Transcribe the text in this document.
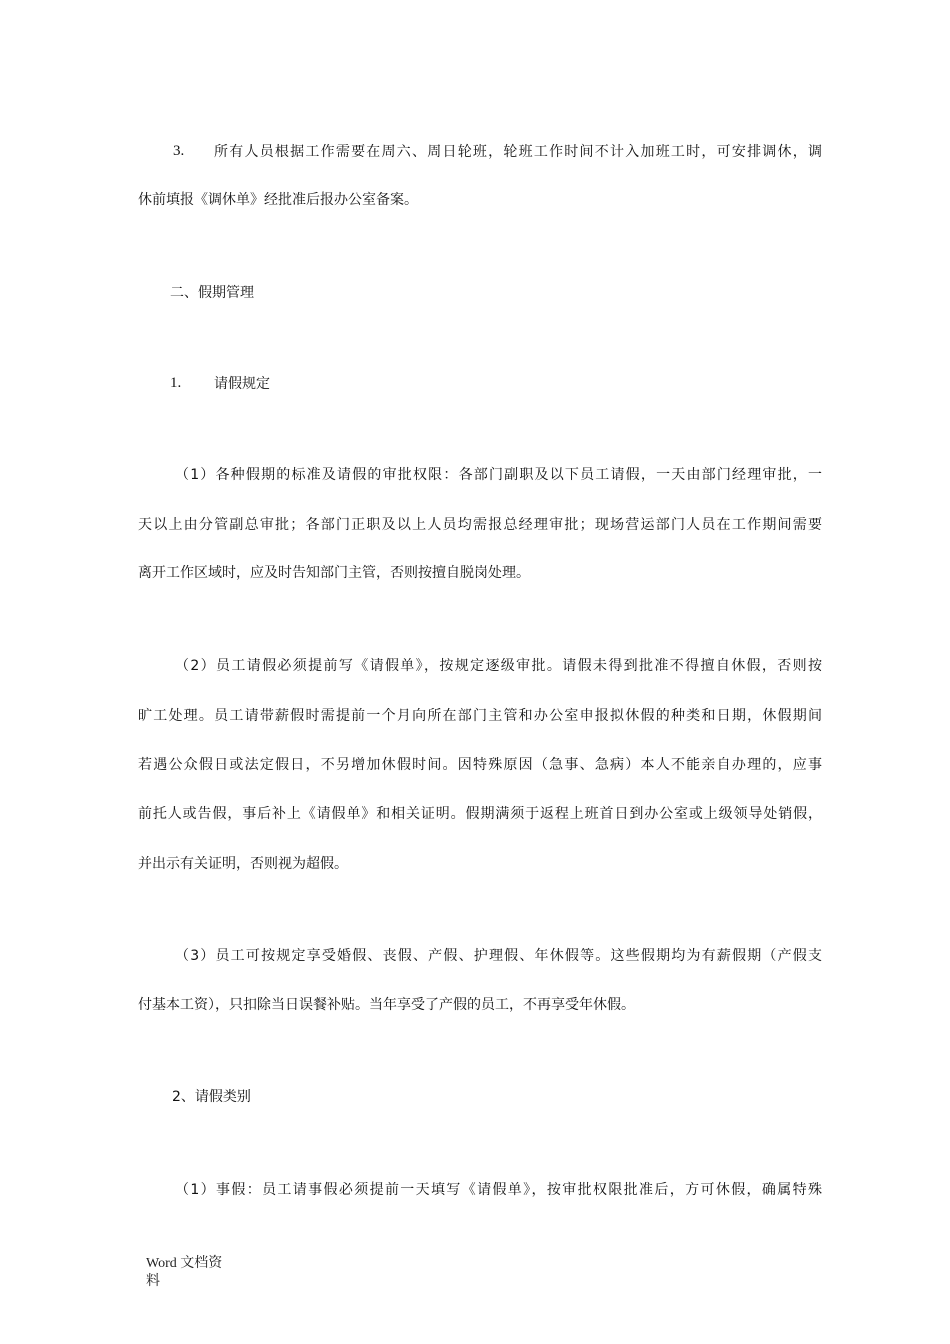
3. 所有人员根据工作需要在周六、周日轮班，轮班工作时间不计入加班工时，可安排调休，调

休前填报《调休单》经批准后报办公室备案。

二、假期管理

1. 请假规定

（1）各种假期的标准及请假的审批权限：各部门副职及以下员工请假，一天由部门经理审批，一

天以上由分管副总审批；各部门正职及以上人员均需报总经理审批；现场营运部门人员在工作期间需要

离开工作区域时，应及时告知部门主管，否则按擅自脱岗处理。

（2）员工请假必须提前写《请假单》，按规定逐级审批。请假未得到批准不得擅自休假，否则按

旷工处理。员工请带薪假时需提前一个月向所在部门主管和办公室申报拟休假的种类和日期，休假期间

若遇公众假日或法定假日，不另增加休假时间。因特殊原因（急事、急病）本人不能亲自办理的，应事

前托人或告假，事后补上《请假单》和相关证明。假期满须于返程上班首日到办公室或上级领导处销假，

并出示有关证明，否则视为超假。

（3）员工可按规定享受婚假、丧假、产假、护理假、年休假等。这些假期均为有薪假期（产假支

付基本工资），只扣除当日误餐补贴。当年享受了产假的员工，不再享受年休假。

2、请假类别

（1）事假：员工请事假必须提前一天填写《请假单》，按审批权限批准后，方可休假，确属特殊

Word 文档资
料
